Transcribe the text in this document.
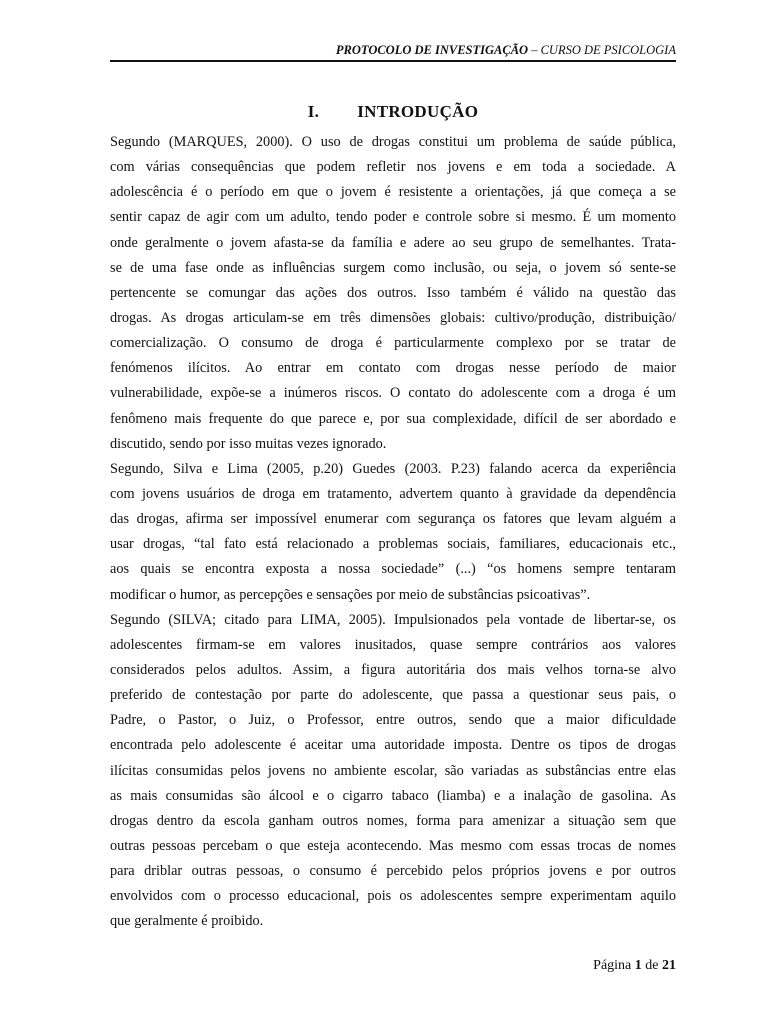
PROTOCOLO DE INVESTIGAÇÃO – CURSO DE PSICOLOGIA
I. INTRODUÇÃO
Segundo (MARQUES, 2000). O uso de drogas constitui um problema de saúde pública,
com várias consequências que podem refletir nos jovens e em toda a sociedade. A
adolescência é o período em que o jovem é resistente a orientações, já que começa a se
sentir capaz de agir com um adulto, tendo poder e controle sobre si mesmo. É um momento
onde geralmente o jovem afasta-se da família e adere ao seu grupo de semelhantes. Trata-
se de uma fase onde as influências surgem como inclusão, ou seja, o jovem só sente-se
pertencente se comungar das ações dos outros. Isso também é válido na questão das
drogas. As drogas articulam-se em três dimensões globais: cultivo/produção, distribuição/
comercialização. O consumo de droga é particularmente complexo por se tratar de
fenómenos ilícitos. Ao entrar em contato com drogas nesse período de maior
vulnerabilidade, expõe-se a inúmeros riscos. O contato do adolescente com a droga é um
fenômeno mais frequente do que parece e, por sua complexidade, difícil de ser abordado e
discutido, sendo por isso muitas vezes ignorado.
Segundo, Silva e Lima (2005, p.20) Guedes (2003. P.23) falando acerca da experiência
com jovens usuários de droga em tratamento, advertem quanto à gravidade da dependência
das drogas, afirma ser impossível enumerar com segurança os fatores que levam alguém a
usar drogas, “tal fato está relacionado a problemas sociais, familiares, educacionais etc.,
aos quais se encontra exposta a nossa sociedade” (...) “os homens sempre tentaram
modificar o humor, as percepções e sensações por meio de substâncias psicoativas”.
Segundo (SILVA; citado para LIMA, 2005). Impulsionados pela vontade de libertar-se, os
adolescentes firmam-se em valores inusitados, quase sempre contrários aos valores
considerados pelos adultos. Assim, a figura autoritária dos mais velhos torna-se alvo
preferido de contestação por parte do adolescente, que passa a questionar seus pais, o
Padre, o Pastor, o Juiz, o Professor, entre outros, sendo que a maior dificuldade
encontrada pelo adolescente é aceitar uma autoridade imposta. Dentre os tipos de drogas
ilícitas consumidas pelos jovens no ambiente escolar, são variadas as substâncias entre elas
as mais consumidas são álcool e o cigarro tabaco (liamba) e a inalação de gasolina. As
drogas dentro da escola ganham outros nomes, forma para amenizar a situação sem que
outras pessoas percebam o que esteja acontecendo. Mas mesmo com essas trocas de nomes
para driblar outras pessoas, o consumo é percebido pelos próprios jovens e por outros
envolvidos com o processo educacional, pois os adolescentes sempre experimentam aquilo
que geralmente é proibido.
Página 1 de 21
